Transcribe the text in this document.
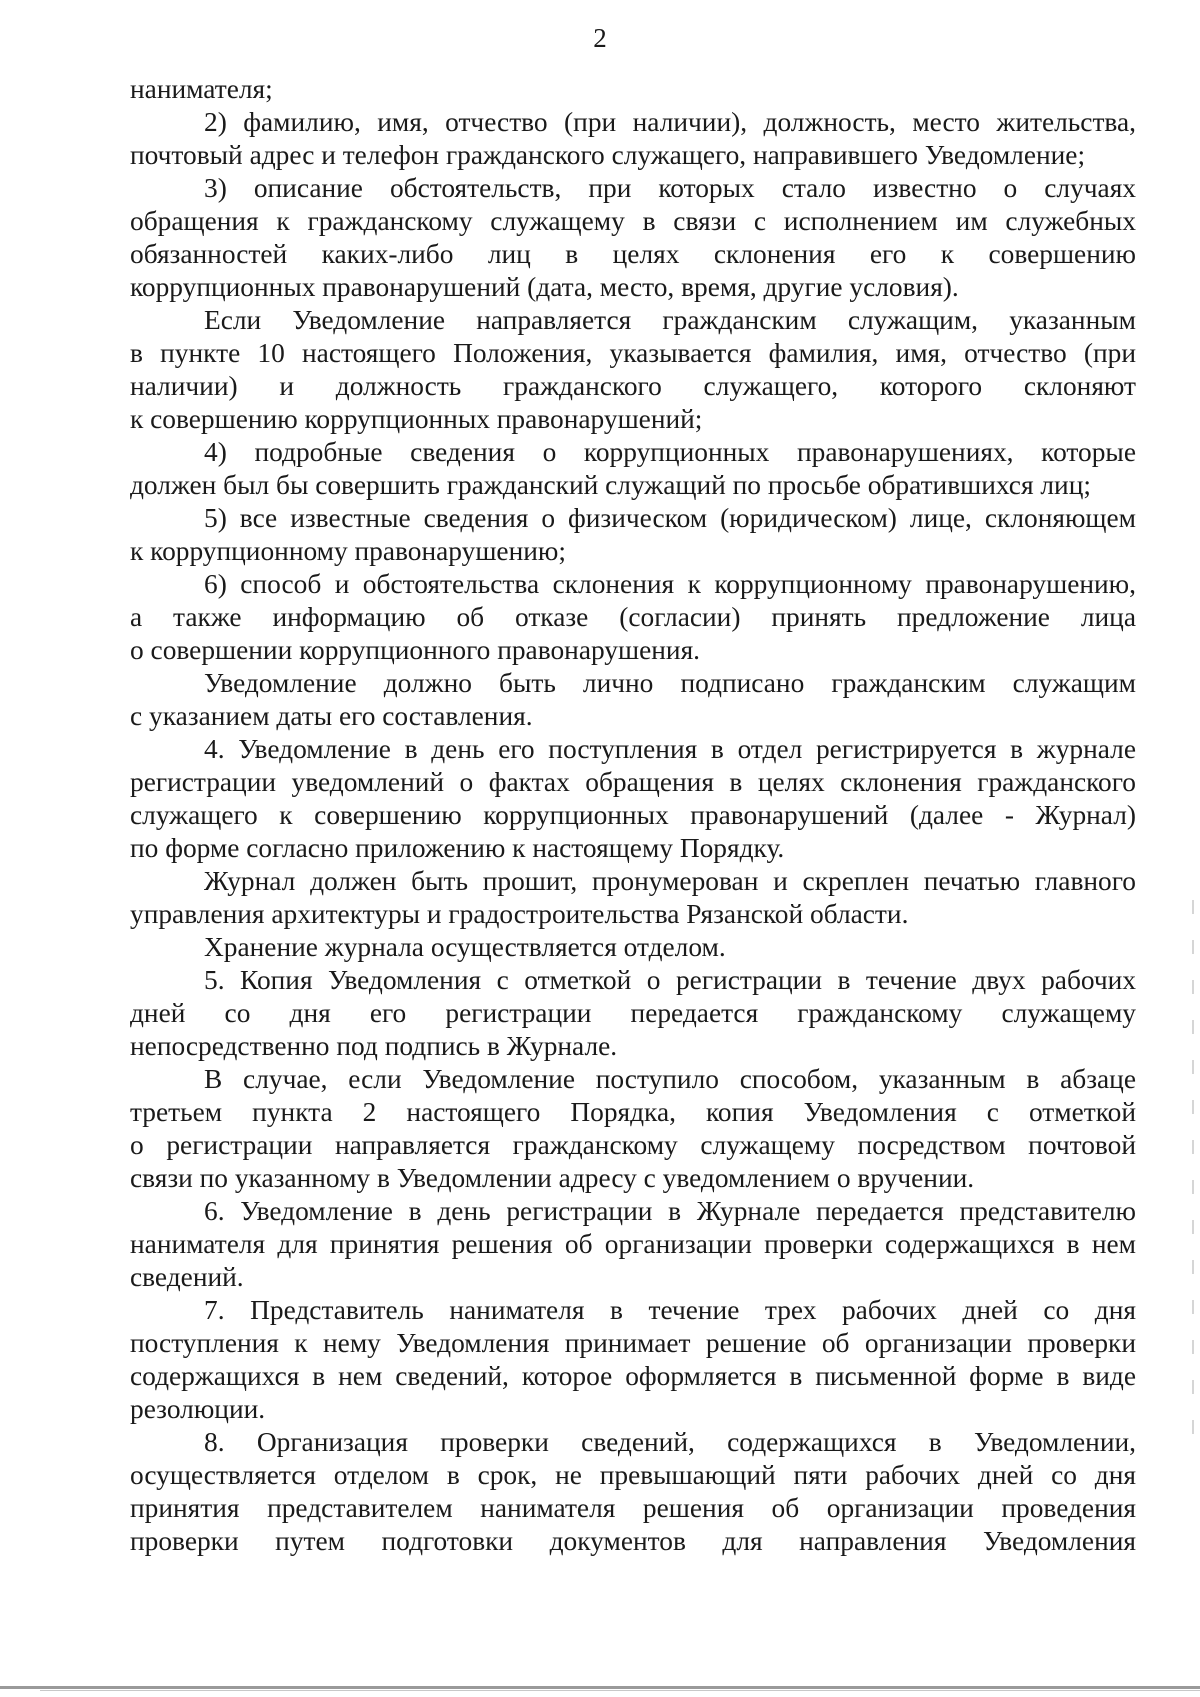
2
нанимателя;
2) фамилию, имя, отчество (при наличии), должность, место жительства,
почтовый адрес и телефон гражданского служащего, направившего Уведомление;
3) описание обстоятельств, при которых стало известно о случаях
обращения к гражданскому служащему в связи с исполнением им служебных
обязанностей каких-либо лиц в целях склонения его к совершению
коррупционных правонарушений (дата, место, время, другие условия).
Если Уведомление направляется гражданским служащим, указанным
в пункте 10 настоящего Положения, указывается фамилия, имя, отчество (при
наличии) и должность гражданского служащего, которого склоняют
к совершению коррупционных правонарушений;
4) подробные сведения о коррупционных правонарушениях, которые
должен был бы совершить гражданский служащий по просьбе обратившихся лиц;
5) все известные сведения о физическом (юридическом) лице, склоняющем
к коррупционному правонарушению;
6) способ и обстоятельства склонения к коррупционному правонарушению,
а также информацию об отказе (согласии) принять предложение лица
о совершении коррупционного правонарушения.
Уведомление должно быть лично подписано гражданским служащим
с указанием даты его составления.
4. Уведомление в день его поступления в отдел регистрируется в журнале
регистрации уведомлений о фактах обращения в целях склонения гражданского
служащего к совершению коррупционных правонарушений (далее - Журнал)
по форме согласно приложению к настоящему Порядку.
Журнал должен быть прошит, пронумерован и скреплен печатью главного
управления архитектуры и градостроительства Рязанской области.
Хранение журнала осуществляется отделом.
5. Копия Уведомления с отметкой о регистрации в течение двух рабочих
дней со дня его регистрации передается гражданскому служащему
непосредственно под подпись в Журнале.
В случае, если Уведомление поступило способом, указанным в абзаце
третьем пункта 2 настоящего Порядка, копия Уведомления с отметкой
о регистрации направляется гражданскому служащему посредством почтовой
связи по указанному в Уведомлении адресу с уведомлением о вручении.
6. Уведомление в день регистрации в Журнале передается представителю
нанимателя для принятия решения об организации проверки содержащихся в нем
сведений.
7. Представитель нанимателя в течение трех рабочих дней со дня
поступления к нему Уведомления принимает решение об организации проверки
содержащихся в нем сведений, которое оформляется в письменной форме в виде
резолюции.
8. Организация проверки сведений, содержащихся в Уведомлении,
осуществляется отделом в срок, не превышающий пяти рабочих дней со дня
принятия представителем нанимателя решения об организации проведения
проверки путем подготовки документов для направления Уведомления
